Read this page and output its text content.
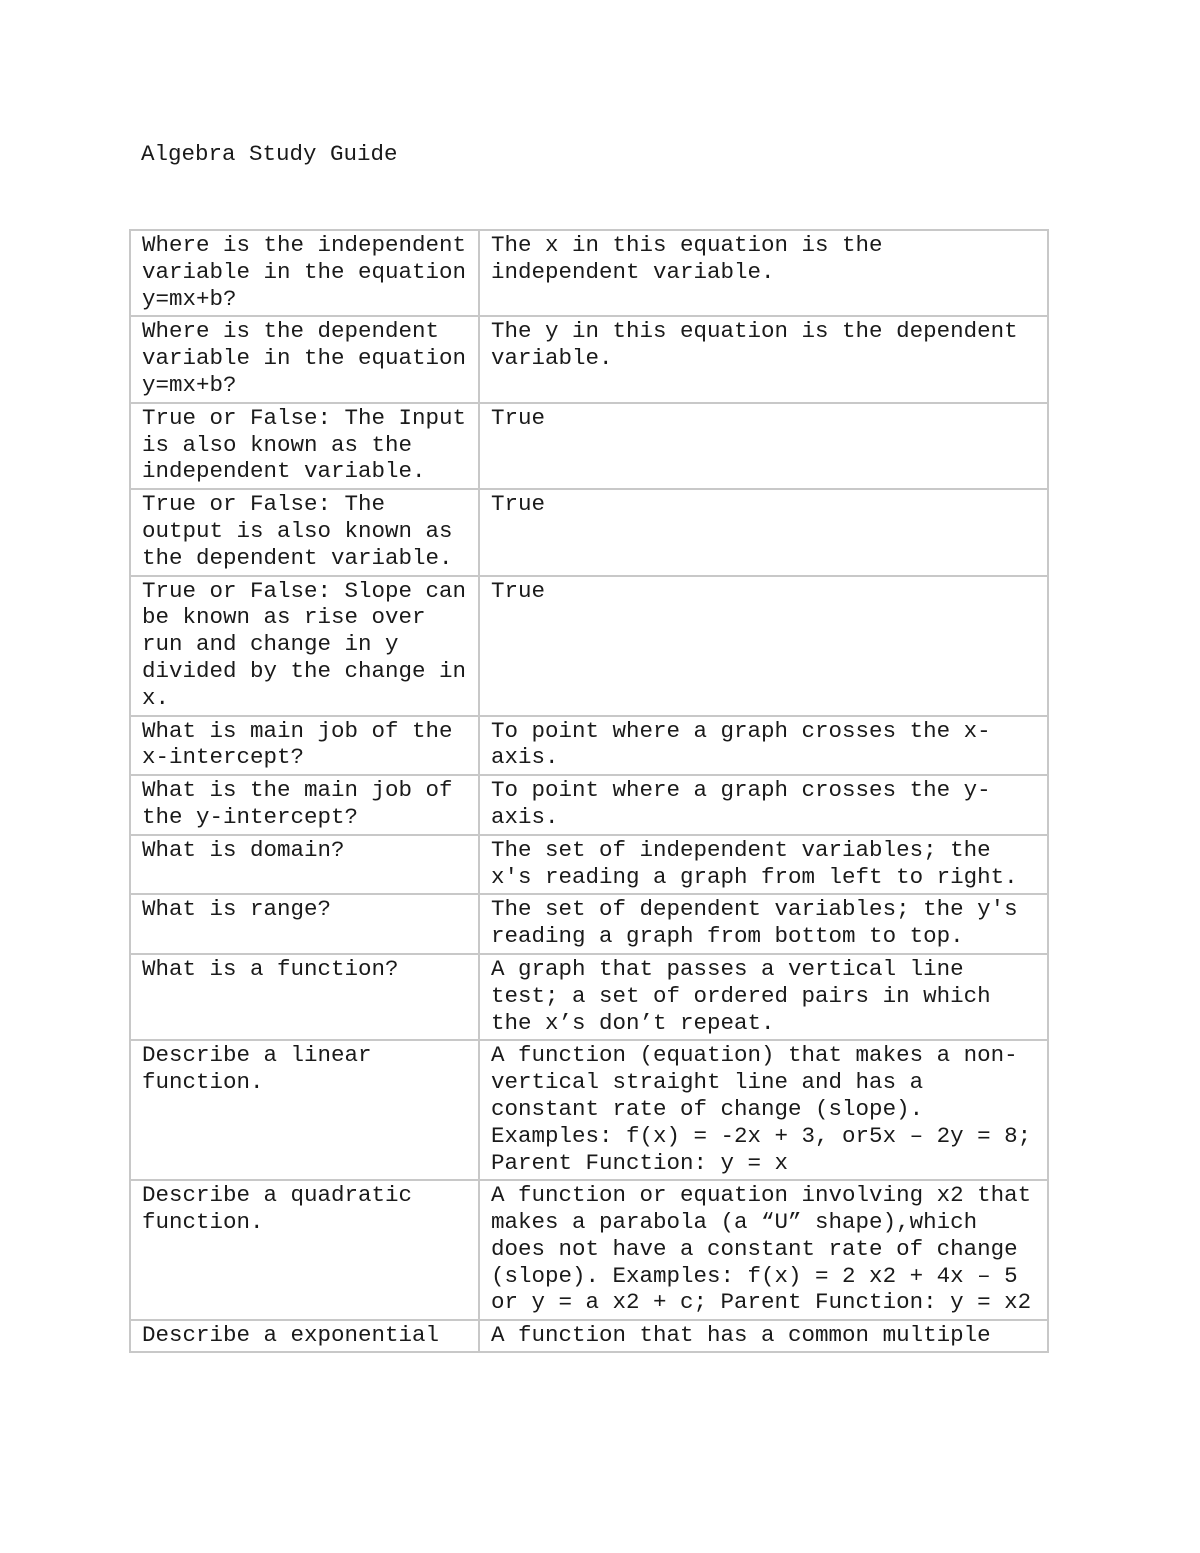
Algebra Study Guide
Where is the independent variable in the equation y=mx+b?	The x in this equation is the independent variable.

Where is the dependent variable in the equation y=mx+b?	The y in this equation is the dependent variable.

True or False: The Input is also known as the independent variable.	True

True or False: The output is also known as the dependent variable.	True

True or False: Slope can be known as rise over run and change in y divided by the change in x.	True

What is main job of the x-intercept?	To point where a graph crosses the x-axis.

What is the main job of the y-intercept?	To point where a graph crosses the y-axis.

What is domain?	The set of independent variables; the x's reading a graph from left to right.

What is range?	The set of dependent variables; the y's reading a graph from bottom to top.

What is a function?	A graph that passes a vertical line test; a set of ordered pairs in which the x’s don’t repeat.

Describe a linear function.	A function (equation) that makes a non-vertical straight line and has a constant rate of change (slope). Examples: f(x) = -2x + 3, or5x – 2y = 8; Parent Function: y = x

Describe a quadratic function.	A function or equation involving x2 that makes a parabola (a “U” shape),which does not have a constant rate of change (slope). Examples: f(x) = 2 x2 + 4x – 5 or y = a x2 + c; Parent Function: y = x2

Describe a exponential	A function that has a common multiple
